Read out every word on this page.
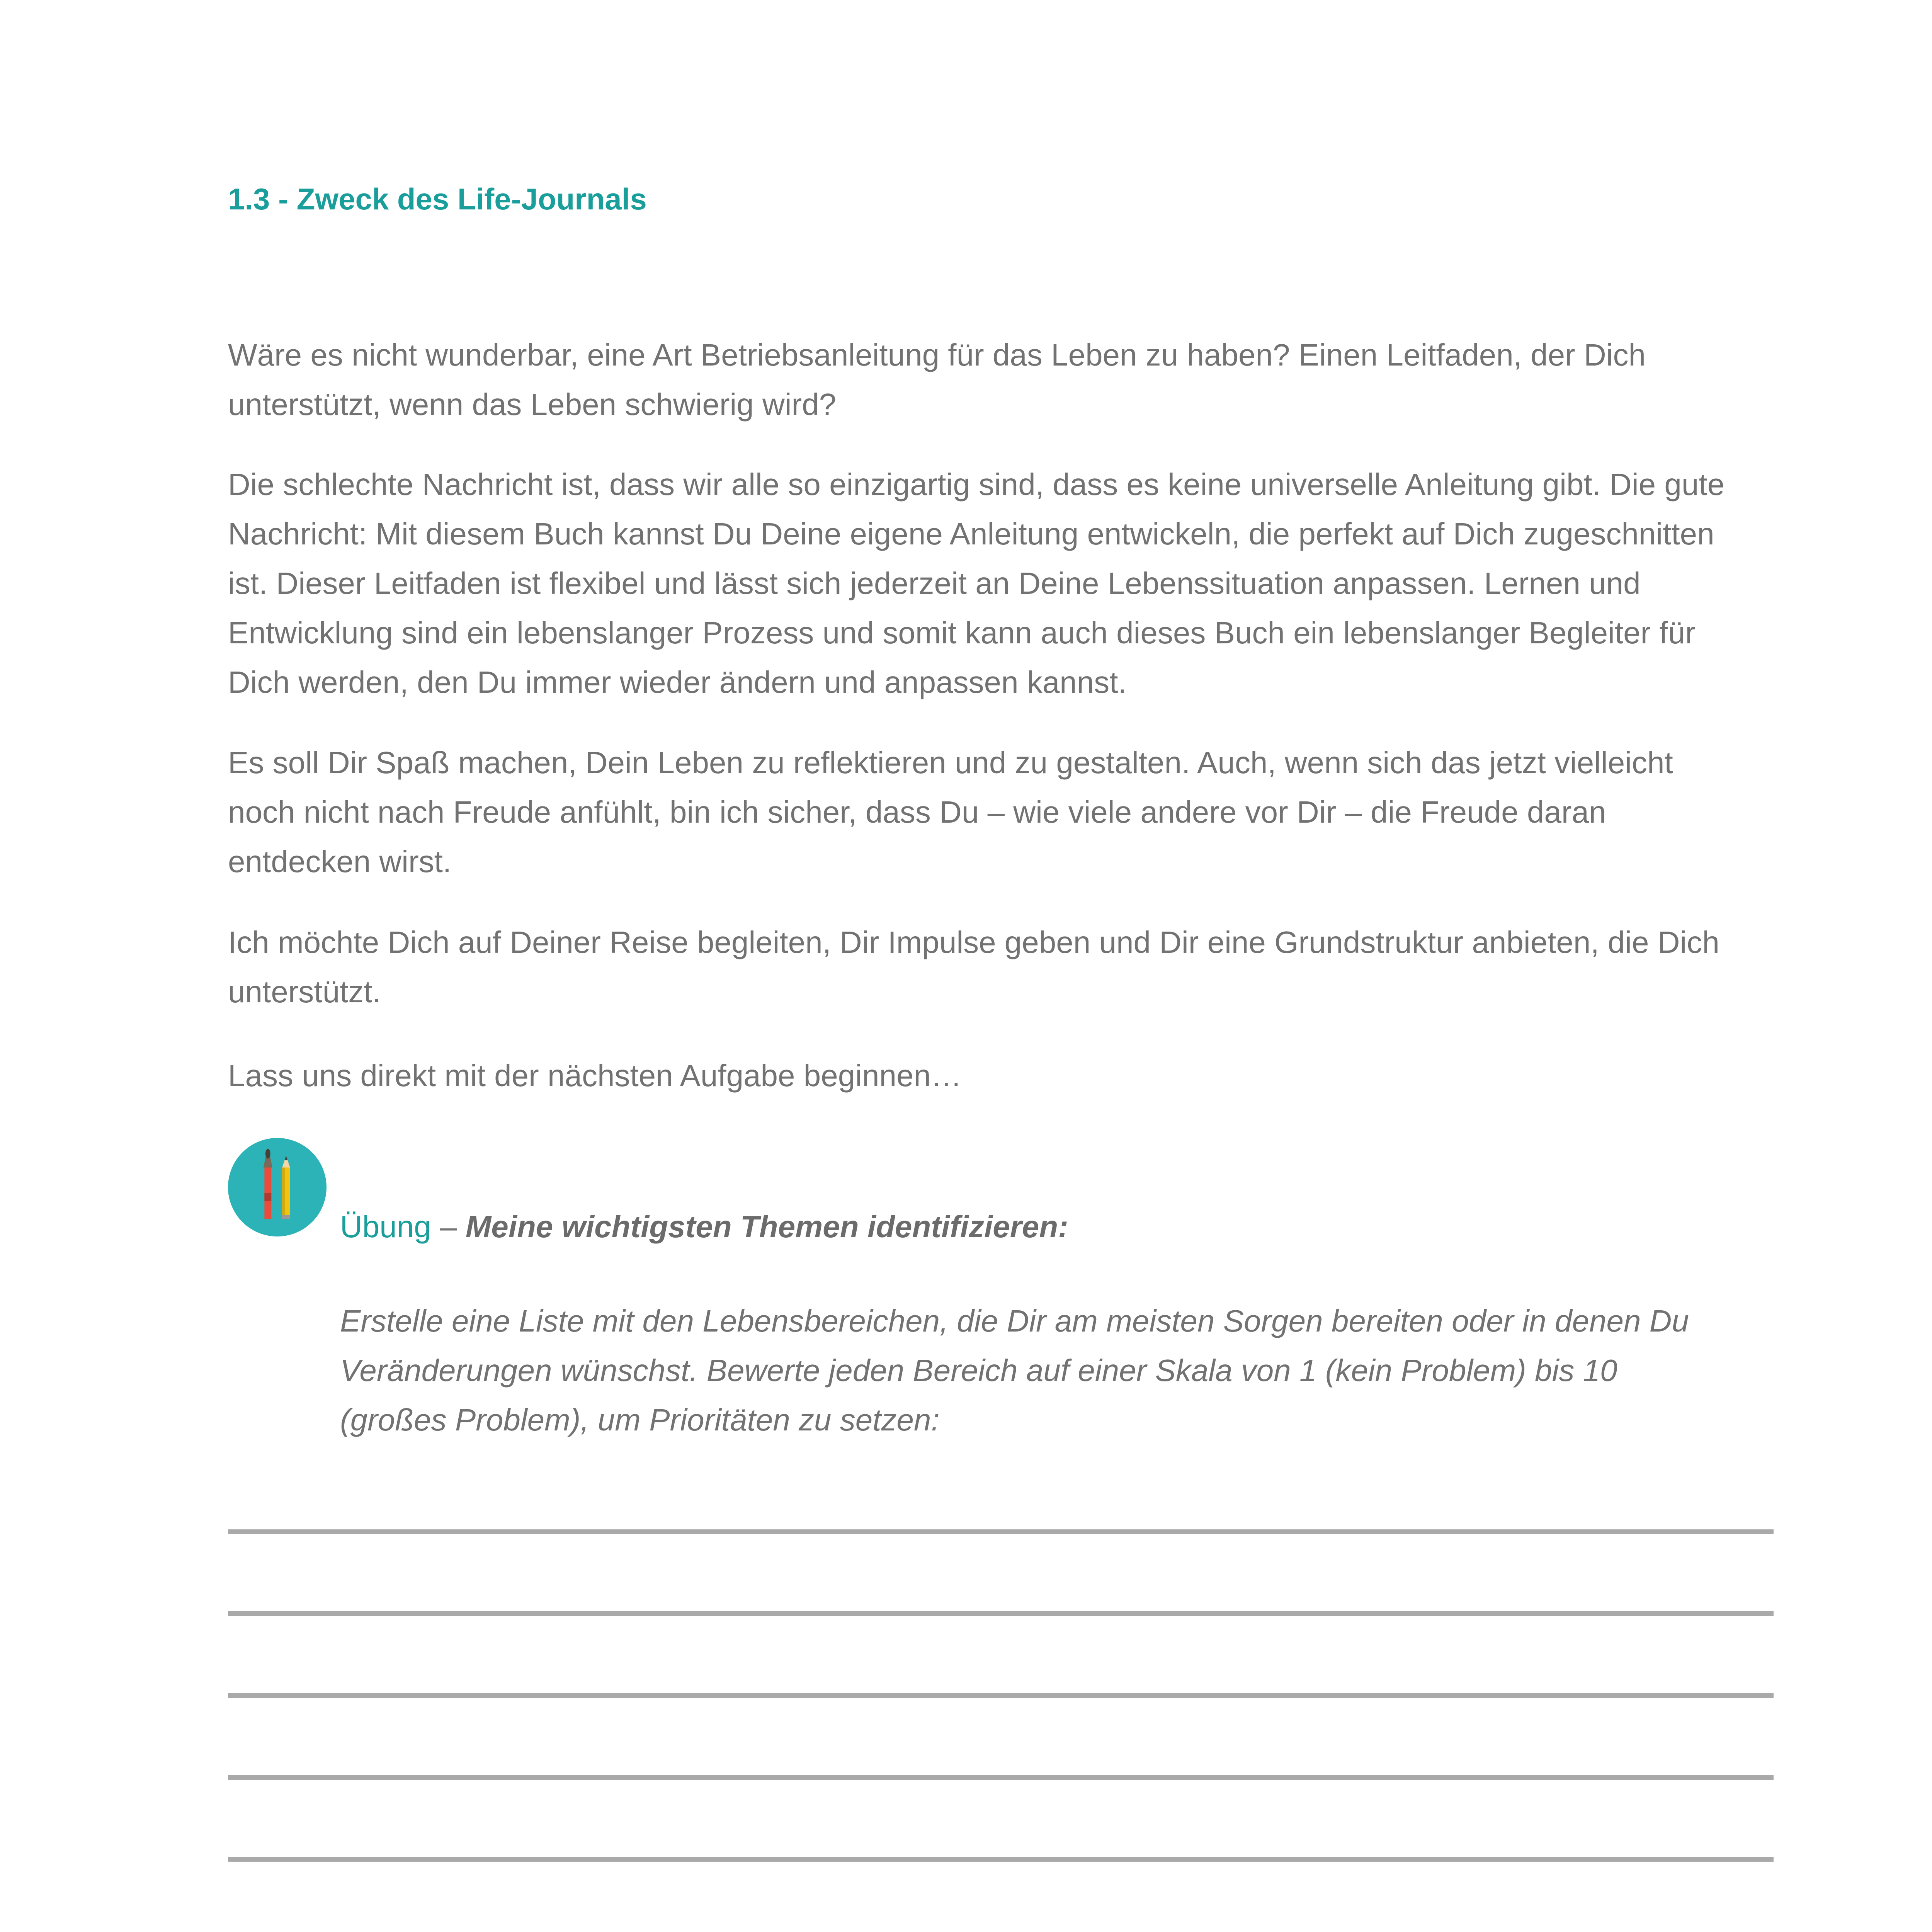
1.3 - Zweck des Life-Journals

Wäre es nicht wunderbar, eine Art Betriebsanleitung für das Leben zu haben? Einen Leitfaden, der Dich unterstützt, wenn das Leben schwierig wird?

Die schlechte Nachricht ist, dass wir alle so einzigartig sind, dass es keine universelle Anleitung gibt. Die gute Nachricht: Mit diesem Buch kannst Du Deine eigene Anleitung entwickeln, die perfekt auf Dich zugeschnitten ist. Dieser Leitfaden ist flexibel und lässt sich jederzeit an Deine Lebenssituation anpassen. Lernen und Entwicklung sind ein lebenslanger Prozess und somit kann auch dieses Buch ein lebenslanger Begleiter für Dich werden, den Du immer wieder ändern und anpassen kannst.

Es soll Dir Spaß machen, Dein Leben zu reflektieren und zu gestalten. Auch, wenn sich das jetzt vielleicht noch nicht nach Freude anfühlt, bin ich sicher, dass Du – wie viele andere vor Dir – die Freude daran entdecken wirst.

Ich möchte Dich auf Deiner Reise begleiten, Dir Impulse geben und Dir eine Grundstruktur anbieten, die Dich unterstützt.

Lass uns direkt mit der nächsten Aufgabe beginnen…

Übung – Meine wichtigsten Themen identifizieren:

Erstelle eine Liste mit den Lebensbereichen, die Dir am meisten Sorgen bereiten oder in denen Du Veränderungen wünschst. Bewerte jeden Bereich auf einer Skala von 1 (kein Problem) bis 10 (großes Problem), um Prioritäten zu setzen:
